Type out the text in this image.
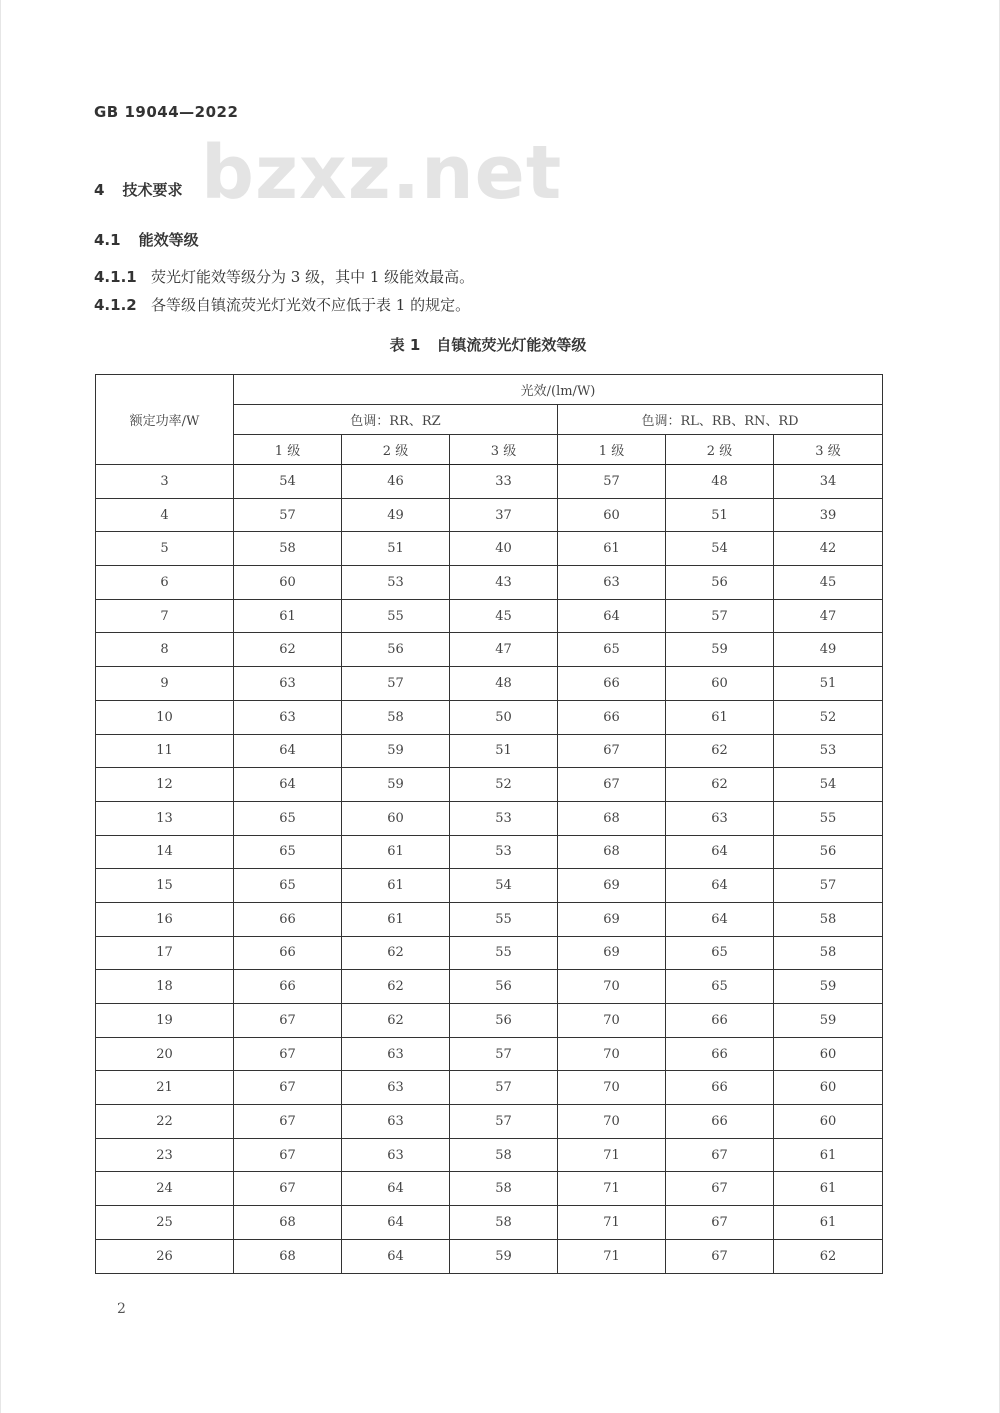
GB 19044—2022
bzxz.net
4 技术要求
4.1 能效等级
4.1.1 荧光灯能效等级分为 3 级，其中 1 级能效最高。
4.1.2 各等级自镇流荧光灯光效不应低于表 1 的规定。
表 1 自镇流荧光灯能效等级
额定功率/W	光效/(lm/W)					
	色调：RR、RZ			色调：RL、RB、RN、RD		
	1 级	2 级	3 级	1 级	2 级	3 级
3	54	46	33	57	48	34
4	57	49	37	60	51	39
5	58	51	40	61	54	42
6	60	53	43	63	56	45
7	61	55	45	64	57	47
8	62	56	47	65	59	49
9	63	57	48	66	60	51
10	63	58	50	66	61	52
11	64	59	51	67	62	53
12	64	59	52	67	62	54
13	65	60	53	68	63	55
14	65	61	53	68	64	56
15	65	61	54	69	64	57
16	66	61	55	69	64	58
17	66	62	55	69	65	58
18	66	62	56	70	65	59
19	67	62	56	70	66	59
20	67	63	57	70	66	60
21	67	63	57	70	66	60
22	67	63	57	70	66	60
23	67	63	58	71	67	61
24	67	64	58	71	67	61
25	68	64	58	71	67	61
26	68	64	59	71	67	62
2
